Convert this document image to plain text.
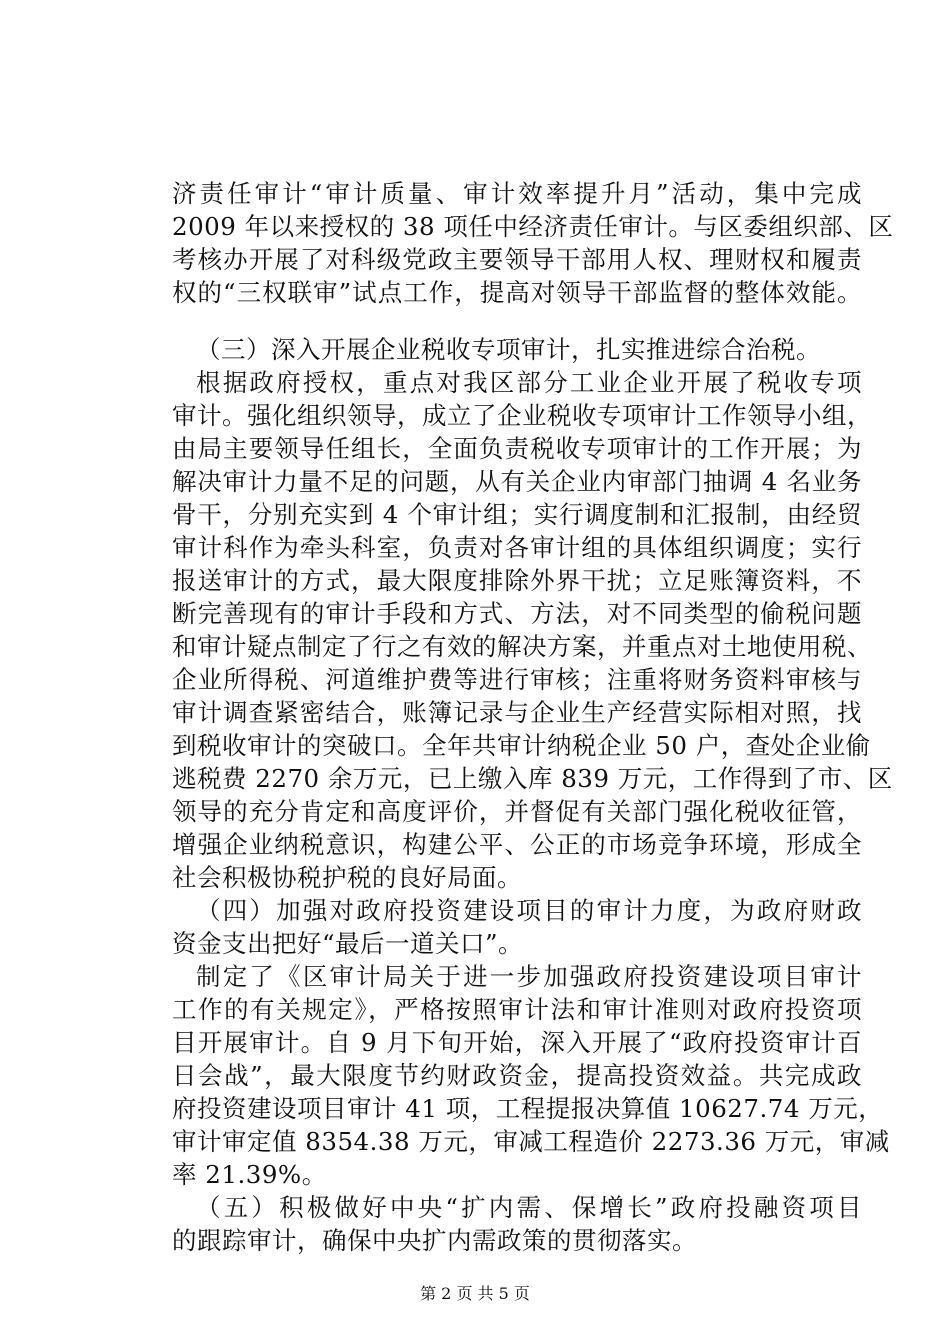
济责任审计“审计质量、审计效率提升月”活动，集中完成
2009 年以来授权的 38 项任中经济责任审计。与区委组织部、区
考核办开展了对科级党政主要领导干部用人权、理财权和履责
权的“三权联审”试点工作，提高对领导干部监督的整体效能。
（三）深入开展企业税收专项审计，扎实推进综合治税。
根据政府授权，重点对我区部分工业企业开展了税收专项
审计。强化组织领导，成立了企业税收专项审计工作领导小组，
由局主要领导任组长，全面负责税收专项审计的工作开展；为
解决审计力量不足的问题，从有关企业内审部门抽调 4 名业务
骨干，分别充实到 4 个审计组；实行调度制和汇报制，由经贸
审计科作为牵头科室，负责对各审计组的具体组织调度；实行
报送审计的方式，最大限度排除外界干扰；立足账簿资料，不
断完善现有的审计手段和方式、方法，对不同类型的偷税问题
和审计疑点制定了行之有效的解决方案，并重点对土地使用税、
企业所得税、河道维护费等进行审核；注重将财务资料审核与
审计调查紧密结合，账簿记录与企业生产经营实际相对照，找
到税收审计的突破口。全年共审计纳税企业 50 户，查处企业偷
逃税费 2270 余万元，已上缴入库 839 万元，工作得到了市、区
领导的充分肯定和高度评价，并督促有关部门强化税收征管，
增强企业纳税意识，构建公平、公正的市场竞争环境，形成全
社会积极协税护税的良好局面。
（四）加强对政府投资建设项目的审计力度，为政府财政
资金支出把好“最后一道关口”。
制定了《区审计局关于进一步加强政府投资建设项目审计
工作的有关规定》，严格按照审计法和审计准则对政府投资项
目开展审计。自 9 月下旬开始，深入开展了“政府投资审计百
日会战”，最大限度节约财政资金，提高投资效益。共完成政
府投资建设项目审计 41 项，工程提报决算值 10627.74 万元，
审计审定值 8354.38 万元，审减工程造价 2273.36 万元，审减
率 21.39%。
（五）积极做好中央“扩内需、保增长”政府投融资项目
的跟踪审计，确保中央扩内需政策的贯彻落实。
第 2 页 共 5 页
